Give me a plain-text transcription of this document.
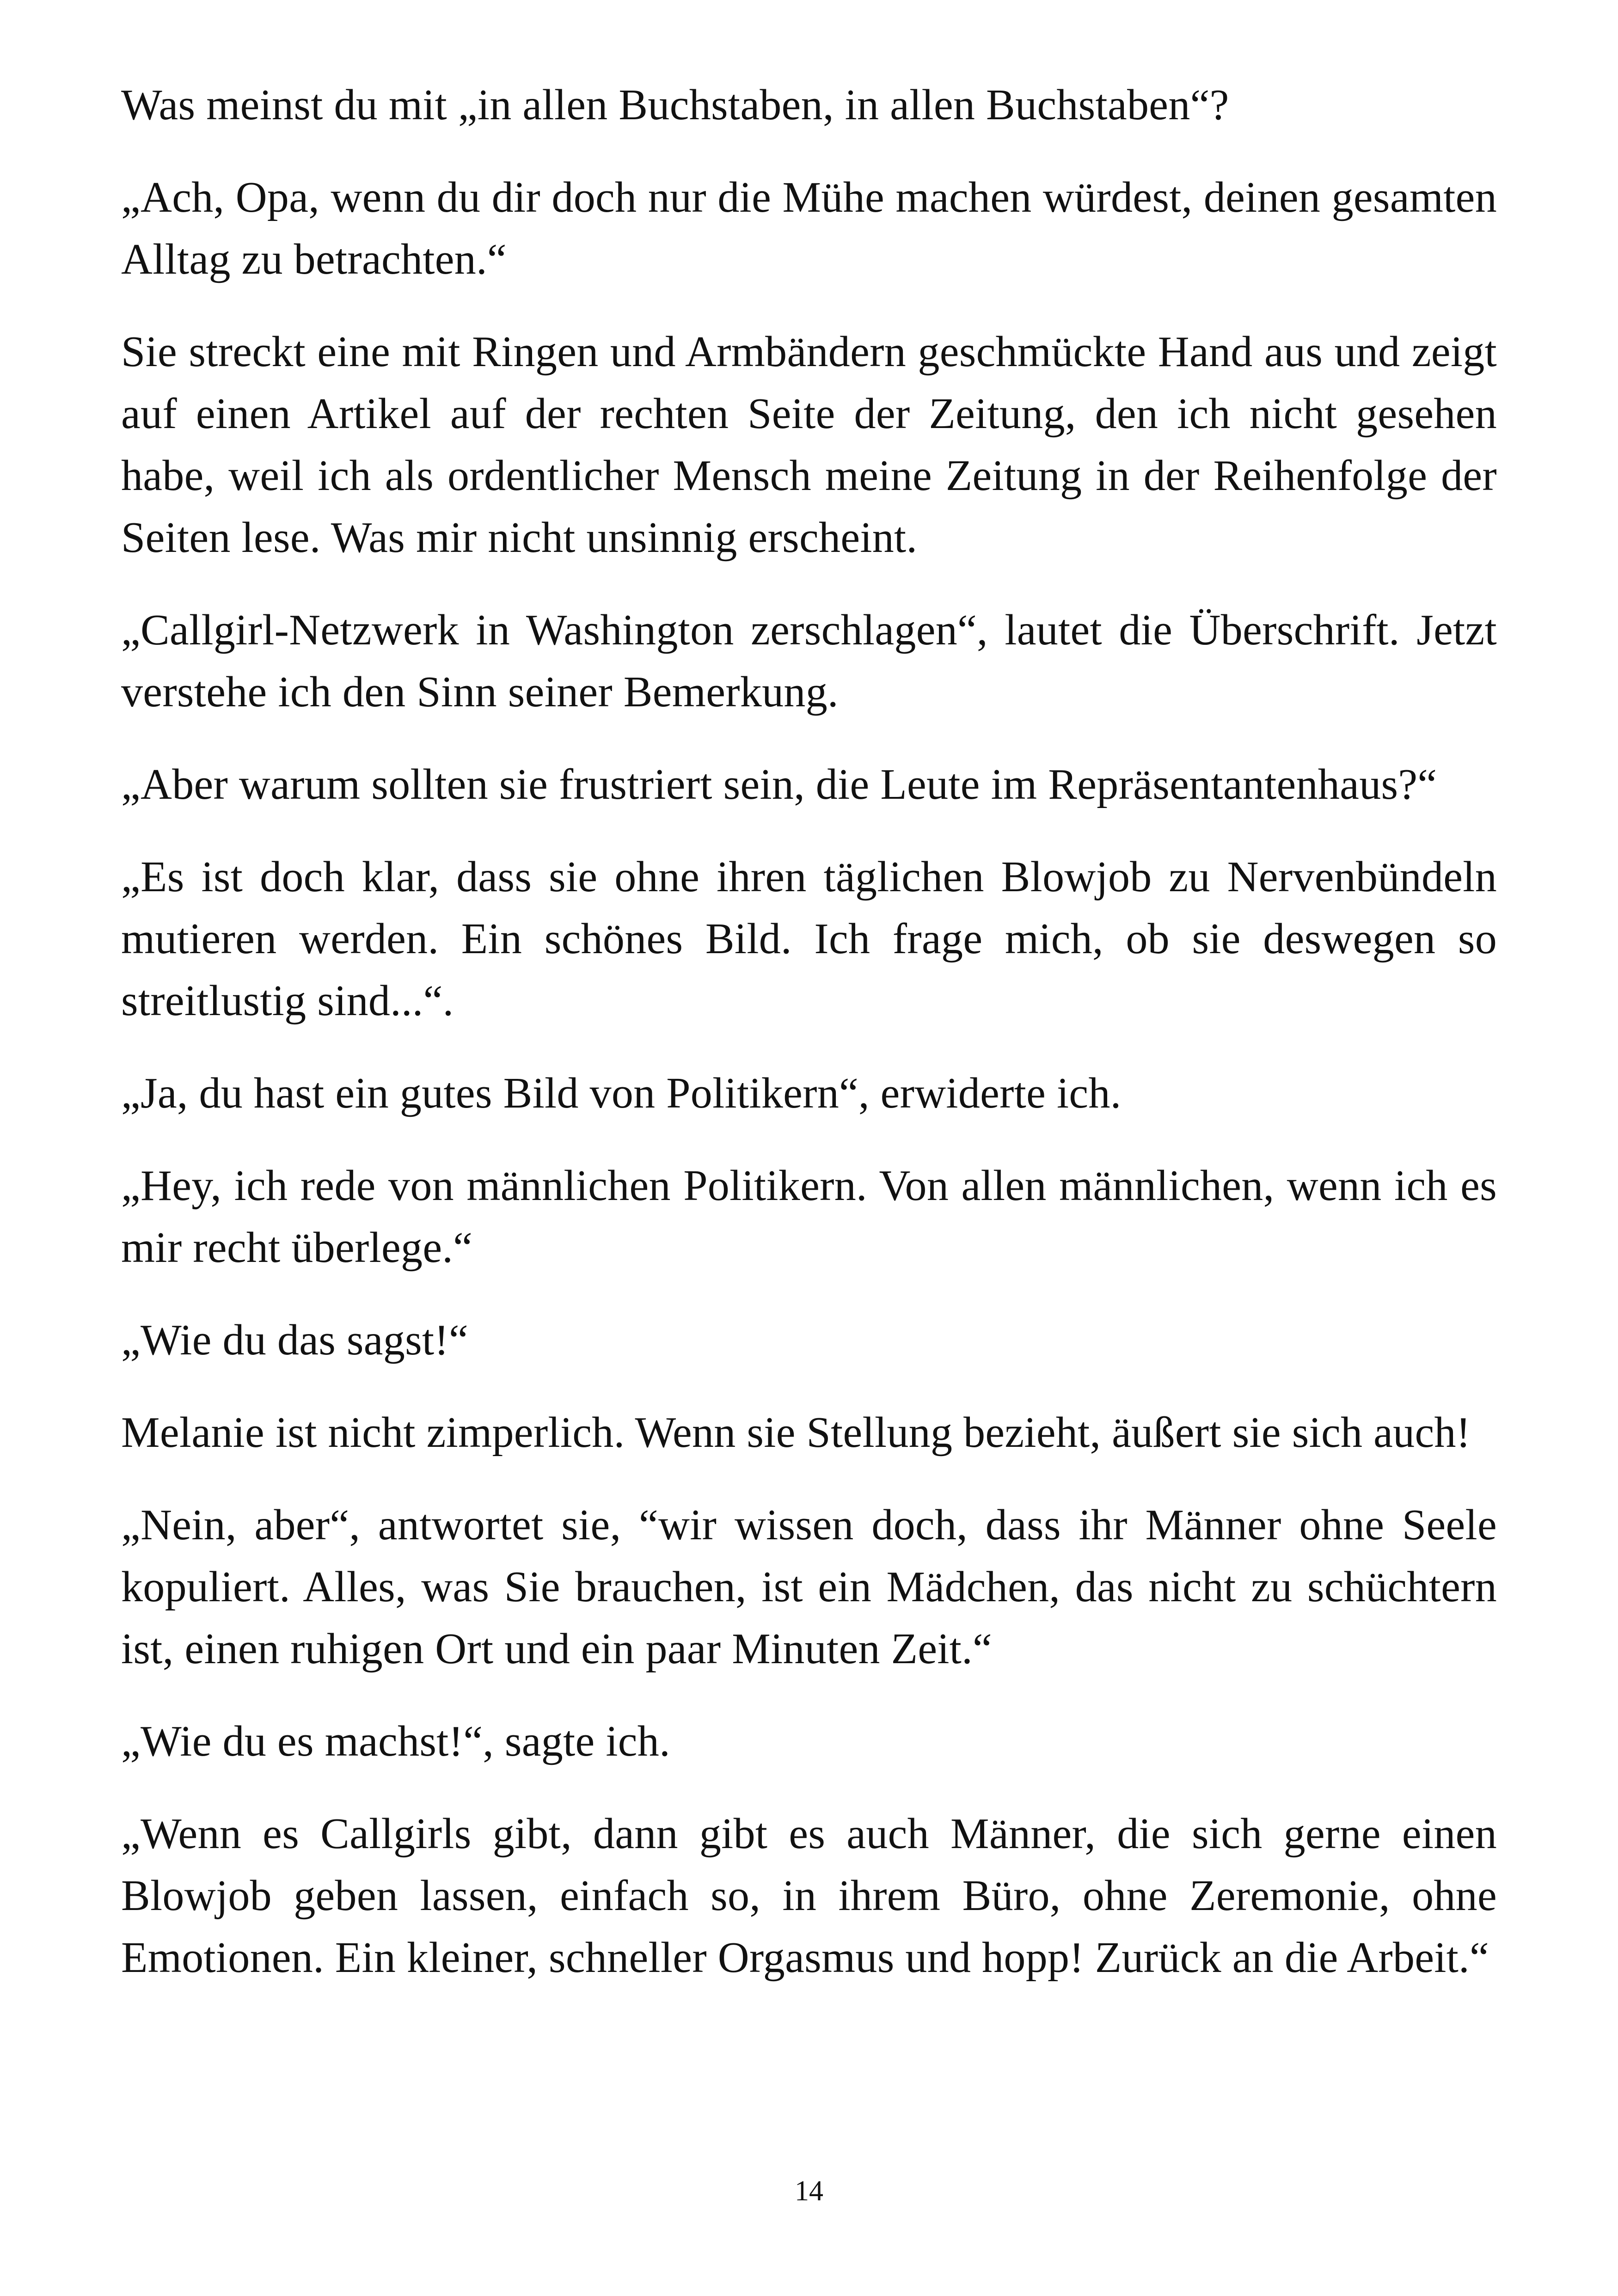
Was meinst du mit „in allen Buchstaben, in allen Buchstaben“?

„Ach, Opa, wenn du dir doch nur die Mühe machen würdest, deinen gesamten Alltag zu betrachten.“

Sie streckt eine mit Ringen und Armbändern geschmückte Hand aus und zeigt auf einen Artikel auf der rechten Seite der Zeitung, den ich nicht gesehen habe, weil ich als ordentlicher Mensch meine Zeitung in der Reihenfolge der Seiten lese. Was mir nicht unsinnig erscheint.

„Callgirl-Netzwerk in Washington zerschlagen“, lautet die Überschrift. Jetzt verstehe ich den Sinn seiner Bemerkung.

„Aber warum sollten sie frustriert sein, die Leute im Repräsentantenhaus?“

„Es ist doch klar, dass sie ohne ihren täglichen Blowjob zu Nervenbündeln mutieren werden. Ein schönes Bild. Ich frage mich, ob sie deswegen so streitlustig sind...“.

„Ja, du hast ein gutes Bild von Politikern“, erwiderte ich.

„Hey, ich rede von männlichen Politikern. Von allen männlichen, wenn ich es mir recht überlege.“

„Wie du das sagst!“

Melanie ist nicht zimperlich. Wenn sie Stellung bezieht, äußert sie sich auch!

„Nein, aber“, antwortet sie, “wir wissen doch, dass ihr Männer ohne Seele kopuliert. Alles, was Sie brauchen, ist ein Mädchen, das nicht zu schüchtern ist, einen ruhigen Ort und ein paar Minuten Zeit.“

„Wie du es machst!“, sagte ich.

„Wenn es Callgirls gibt, dann gibt es auch Männer, die sich gerne einen Blowjob geben lassen, einfach so, in ihrem Büro, ohne Zeremonie, ohne Emotionen. Ein kleiner, schneller Orgasmus und hopp! Zurück an die Arbeit.“

14
